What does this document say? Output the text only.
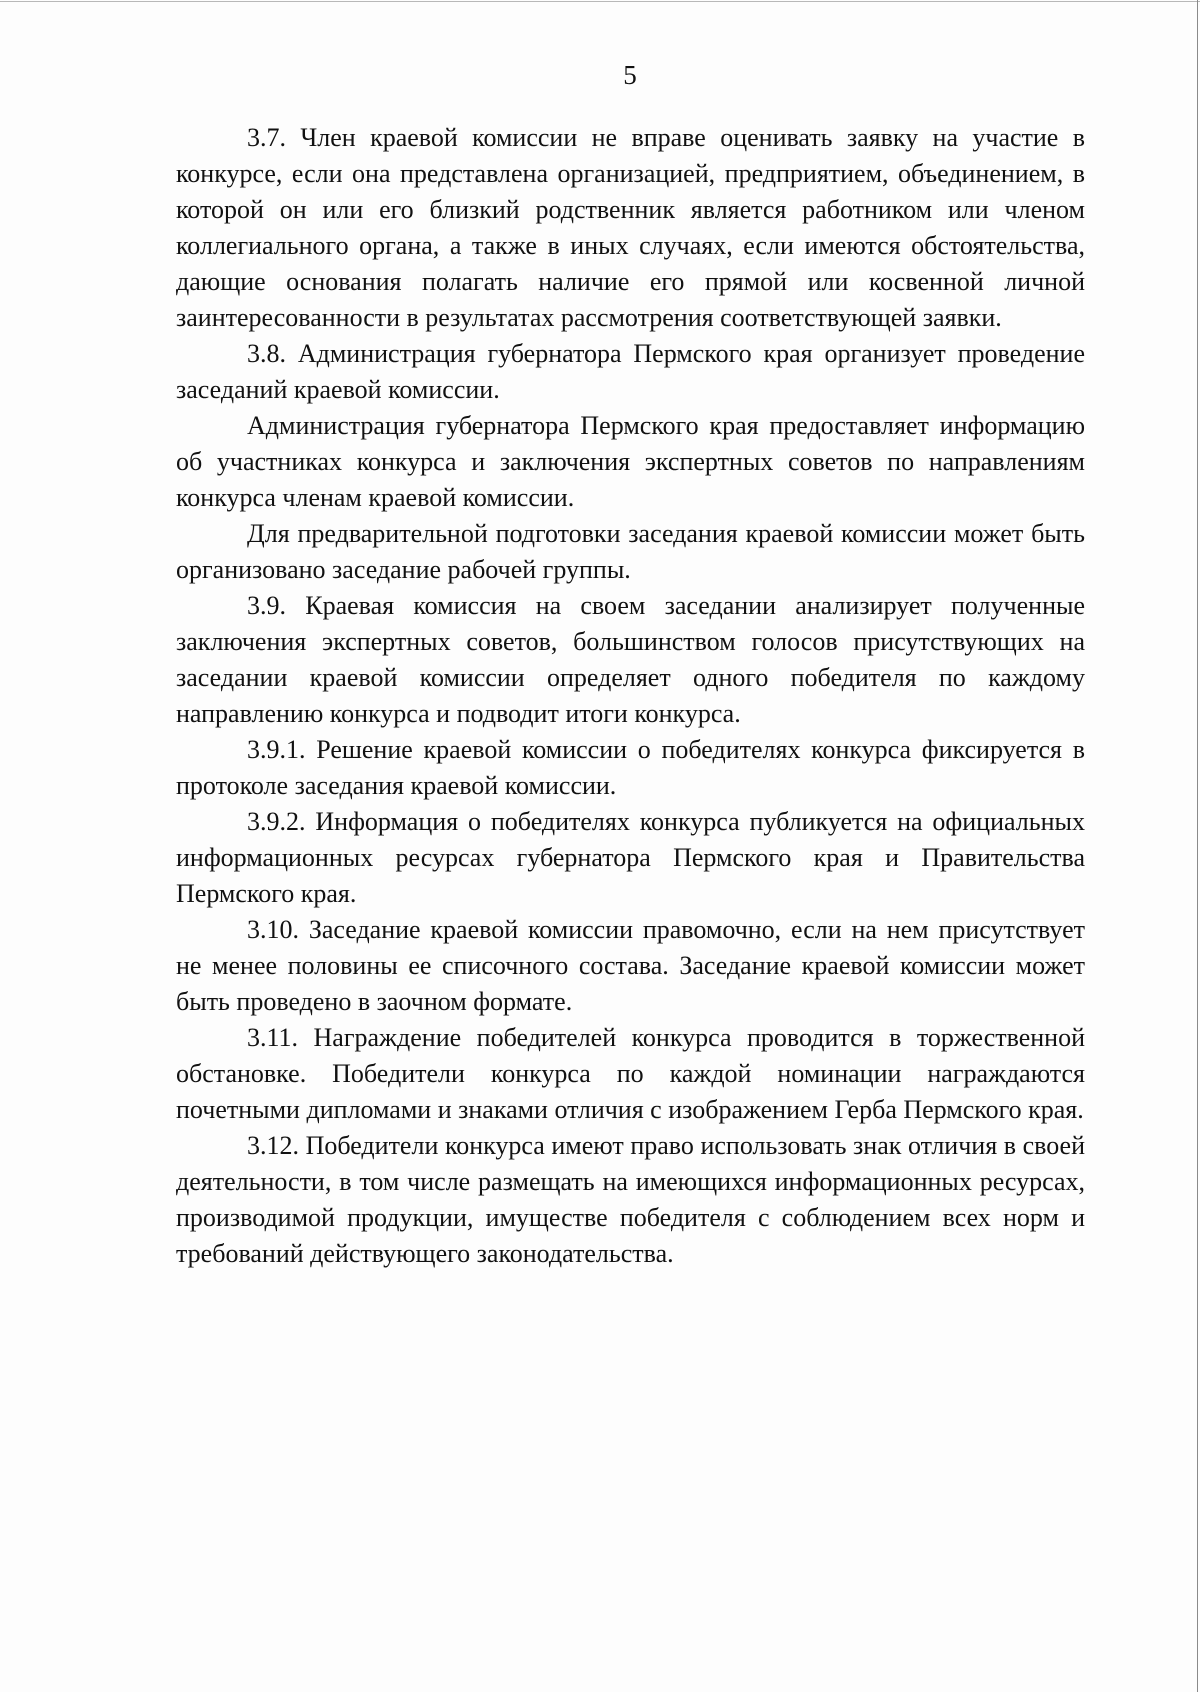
5

3.7. Член краевой комиссии не вправе оценивать заявку на участие в конкурсе, если она представлена организацией, предприятием, объединением, в которой он или его близкий родственник является работником или членом коллегиального органа, а также в иных случаях, если имеются обстоятельства, дающие основания полагать наличие его прямой или косвенной личной заинтересованности в результатах рассмотрения соответствующей заявки.

3.8. Администрация губернатора Пермского края организует проведение заседаний краевой комиссии.

Администрация губернатора Пермского края предоставляет информацию об участниках конкурса и заключения экспертных советов по направлениям конкурса членам краевой комиссии.

Для предварительной подготовки заседания краевой комиссии может быть организовано заседание рабочей группы.

3.9. Краевая комиссия на своем заседании анализирует полученные заключения экспертных советов, большинством голосов присутствующих на заседании краевой комиссии определяет одного победителя по каждому направлению конкурса и подводит итоги конкурса.

3.9.1. Решение краевой комиссии о победителях конкурса фиксируется в протоколе заседания краевой комиссии.

3.9.2. Информация о победителях конкурса публикуется на официальных информационных ресурсах губернатора Пермского края и Правительства Пермского края.

3.10. Заседание краевой комиссии правомочно, если на нем присутствует не менее половины ее списочного состава. Заседание краевой комиссии может быть проведено в заочном формате.

3.11. Награждение победителей конкурса проводится в торжественной обстановке. Победители конкурса по каждой номинации награждаются почетными дипломами и знаками отличия с изображением Герба Пермского края.

3.12. Победители конкурса имеют право использовать знак отличия в своей деятельности, в том числе размещать на имеющихся информационных ресурсах, производимой продукции, имуществе победителя с соблюдением всех норм и требований действующего законодательства.
